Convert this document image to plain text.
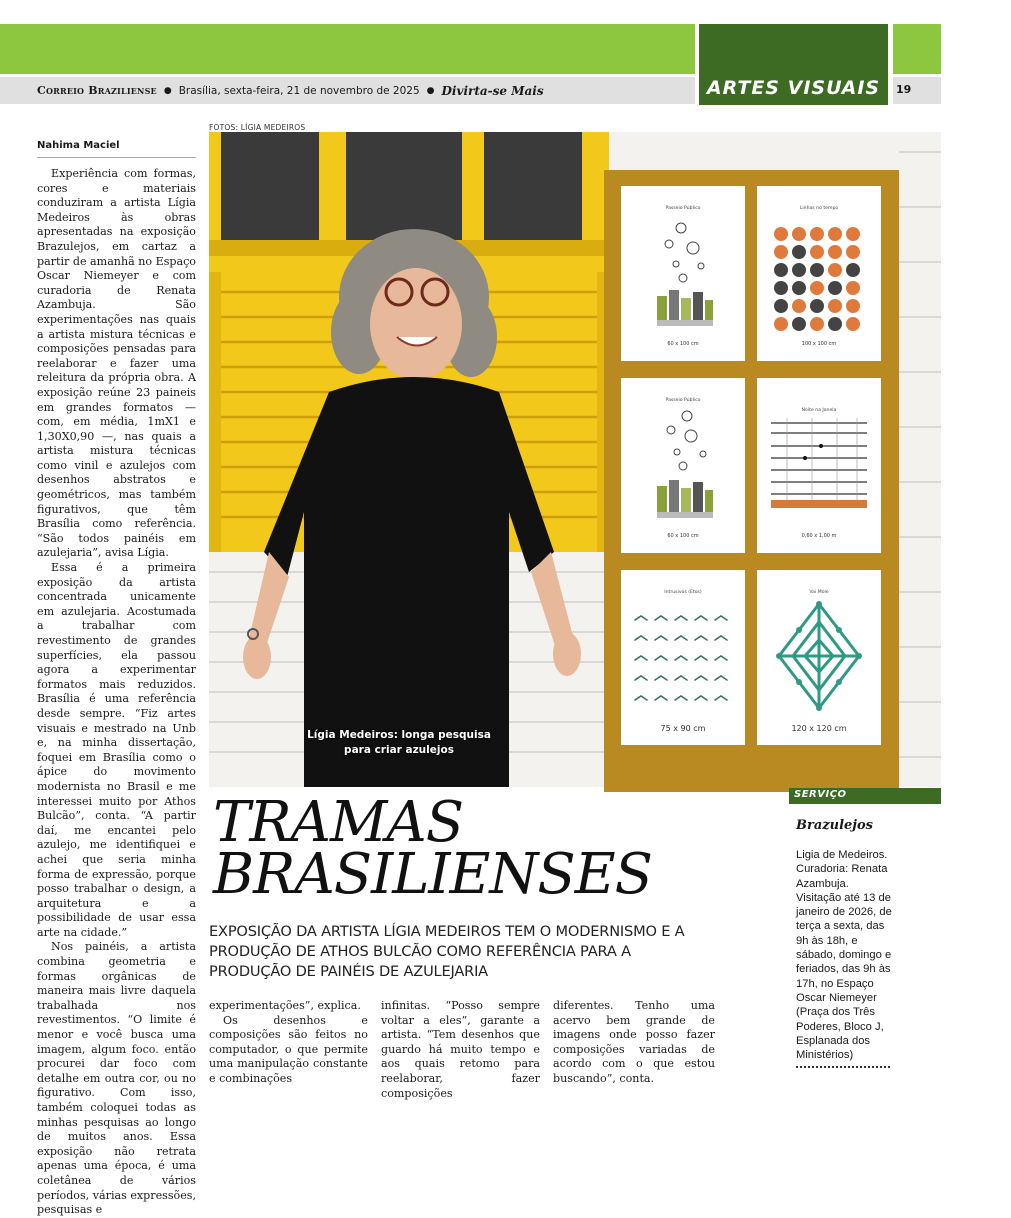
ARTES VISUAIS
Correio Braziliense ● Brasília, sexta-feira, 21 de novembro de 2025 ● Divirta-se Mais	19
Nahima Maciel

Experiência com formas, cores e materiais conduziram a artista Lígia Medeiros às obras apresentadas na exposição Brazulejos, em cartaz a partir de amanhã no Espaço Oscar Niemeyer e com curadoria de Renata Azambuja. São experimentações nas quais a artista mistura técnicas e composições pensadas para reelaborar e fazer uma releitura da própria obra. A exposição reúne 23 paineis em grandes formatos — com, em média, 1mX1 e 1,30X0,90 —, nas quais a artista mistura técnicas como vinil e azulejos com desenhos abstratos e geométricos, mas também figurativos, que têm Brasília como referência. “São todos painéis em azulejaria”, avisa Lígia.

Essa é a primeira exposição da artista concentrada unicamente em azulejaria. Acostumada a trabalhar com revestimento de grandes superfícies, ela passou agora a experimentar formatos mais reduzidos. Brasília é uma referência desde sempre. “Fiz artes visuais e mestrado na Unb e, na minha dissertação, foquei em Brasília como o ápice do movimento modernista no Brasil e me interessei muito por Athos Bulcão”, conta. “A partir daí, me encantei pelo azulejo, me identifiquei e achei que seria minha forma de expressão, porque posso trabalhar o design, a arquitetura e a possibilidade de usar essa arte na cidade.”

Nos painéis, a artista combina geometria e formas orgânicas de maneira mais livre daquela trabalhada nos revestimentos. “O limite é menor e você busca uma imagem, algum foco. então procurei dar foco com detalhe em outra cor, ou no figurativo. Com isso, também coloquei todas as minhas pesquisas ao longo de muitos anos. Essa exposição não retrata apenas uma época, é uma coletânea de vários períodos, várias expressões, pesquisas e

FOTOS: LÍGIA MEDEIROS
Lígia Medeiros: longa pesquisa para criar azulejos
Passeio Público
60 x 100 cm
Linhas no tempo
100 x 100 cm
Passeio Público
60 x 100 cm
Noite na Janela
0,60 x 1,00 m
Intrusivos (Etos)
75 x 90 cm
Vai Mole
120 x 120 cm
TRAMAS
BRASILIENSES
EXPOSIÇÃO DA ARTISTA LÍGIA MEDEIROS TEM O MODERNISMO E A PRODUÇÃO DE ATHOS BULCÃO COMO REFERÊNCIA PARA A PRODUÇÃO DE PAINÉIS DE AZULEJARIA

experimentações”, explica.

Os desenhos e composições são feitos no computador, o que permite uma manipulação constante e combinações

infinitas. “Posso sempre voltar a eles”, garante a artista. “Tem desenhos que guardo há muito tempo e aos quais retomo para reelaborar, fazer composições

diferentes. Tenho uma acervo bem grande de imagens onde posso fazer composições variadas de acordo com o que estou buscando”, conta.

SERVIÇO
Brazulejos
Ligia de Medeiros. Curadoria: Renata Azambuja. Visitação até 13 de janeiro de 2026, de terça a sexta, das 9h às 18h, e sábado, domingo e feriados, das 9h às 17h, no Espaço Oscar Niemeyer (Praça dos Três Poderes, Bloco J, Esplanada dos Ministérios)
